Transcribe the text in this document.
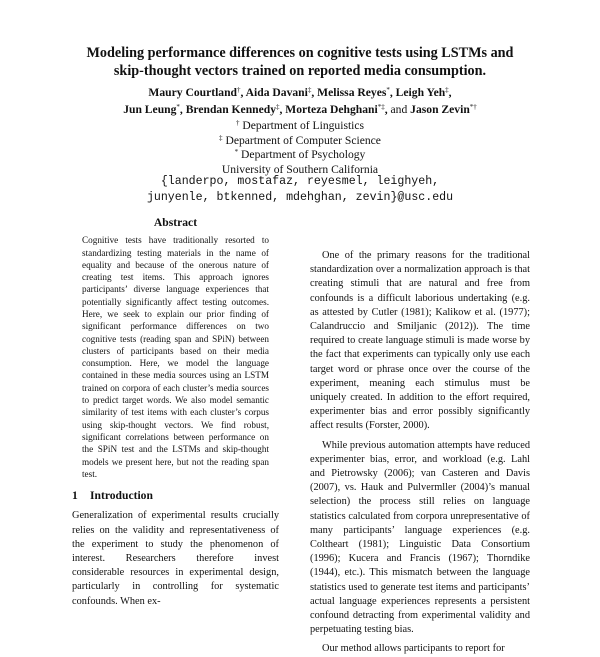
Modeling performance differences on cognitive tests using LSTMs and
skip-thought vectors trained on reported media consumption.
Maury Courtland†, Aida Davani‡, Melissa Reyes*, Leigh Yeh‡,
Jun Leung*, Brendan Kennedy‡, Morteza Dehghani*‡, and Jason Zevin*†
† Department of Linguistics
‡ Department of Computer Science
* Department of Psychology
University of Southern California
{landerpo, mostafaz, reyesmel, leighyeh,
junyenle, btkenned, mdehghan, zevin}@usc.edu
Abstract

Cognitive tests have traditionally resorted to standardizing testing materials in the name of equality and because of the onerous nature of creating test items. This approach ignores participants’ diverse language experiences that potentially significantly affect testing outcomes. Here, we seek to explain our prior finding of significant performance differences on two cognitive tests (reading span and SPiN) between clusters of participants based on their media consumption. Here, we model the language contained in these media sources using an LSTM trained on corpora of each cluster’s media sources to predict target words. We also model semantic similarity of test items with each cluster’s corpus using skip-thought vectors. We find robust, significant correlations between performance on the SPiN test and the LSTMs and skip-thought models we present here, but not the reading span test.

1 Introduction

Generalization of experimental results crucially relies on the validity and representativeness of the experiment to study the phenomenon of interest. Researchers therefore invest considerable resources in experimental design, particularly in controlling for systematic confounds. When ex-

One of the primary reasons for the traditional standardization over a normalization approach is that creating stimuli that are natural and free from confounds is a difficult laborious undertaking (e.g. as attested by Cutler (1981); Kalikow et al. (1977); Calandruccio and Smiljanic (2012)). The time required to create language stimuli is made worse by the fact that experiments can typically only use each target word or phrase once over the course of the experiment, meaning each stimulus must be uniquely created. In addition to the effort required, experimenter bias and error possibly significantly affect results (Forster, 2000).

While previous automation attempts have reduced experimenter bias, error, and workload (e.g. Lahl and Pietrowsky (2006); van Casteren and Davis (2007), vs. Hauk and Pulvermller (2004)’s manual selection) the process still relies on language statistics calculated from corpora unrepresentative of many participants’ language experiences (e.g. Coltheart (1981); Linguistic Data Consortium (1996); Kucera and Francis (1967); Thorndike (1944), etc.). This mismatch between the language statistics used to generate test items and participants’ actual language experiences represents a persistent confound detracting from experimental validity and perpetuating testing bias.

Our method allows participants to report for
